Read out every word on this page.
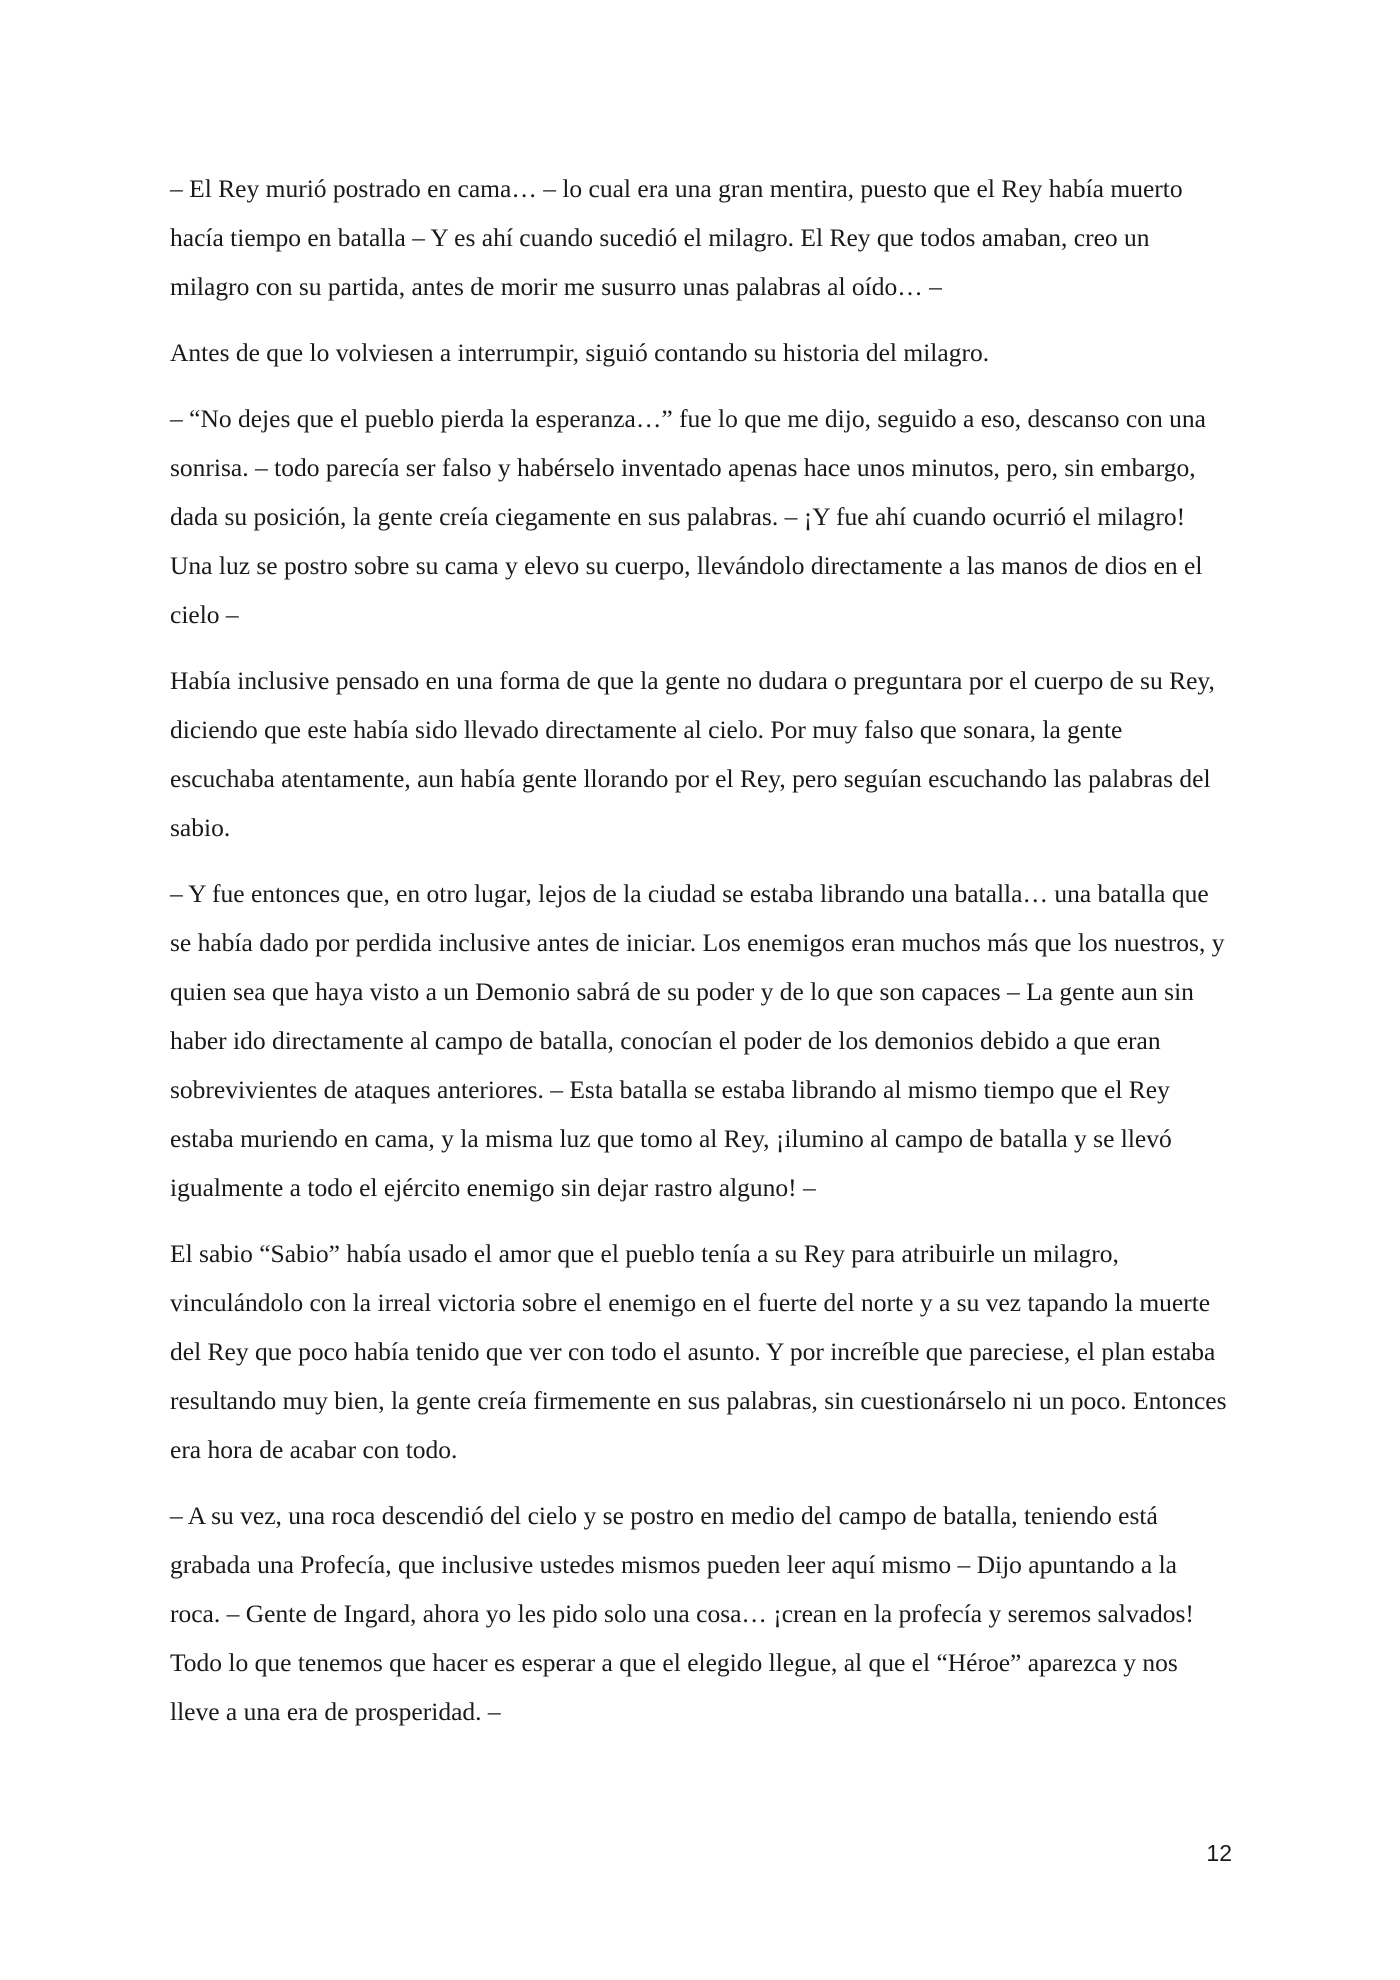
– El Rey murió postrado en cama… – lo cual era una gran mentira, puesto que el Rey había muerto hacía tiempo en batalla – Y es ahí cuando sucedió el milagro. El Rey que todos amaban, creo un milagro con su partida, antes de morir me susurro unas palabras al oído… –

Antes de que lo volviesen a interrumpir, siguió contando su historia del milagro.

– “No dejes que el pueblo pierda la esperanza…” fue lo que me dijo, seguido a eso, descanso con una sonrisa. – todo parecía ser falso y habérselo inventado apenas hace unos minutos, pero, sin embargo, dada su posición, la gente creía ciegamente en sus palabras. – ¡Y fue ahí cuando ocurrió el milagro! Una luz se postro sobre su cama y elevo su cuerpo, llevándolo directamente a las manos de dios en el cielo –

Había inclusive pensado en una forma de que la gente no dudara o preguntara por el cuerpo de su Rey, diciendo que este había sido llevado directamente al cielo. Por muy falso que sonara, la gente escuchaba atentamente, aun había gente llorando por el Rey, pero seguían escuchando las palabras del sabio.

– Y fue entonces que, en otro lugar, lejos de la ciudad se estaba librando una batalla… una batalla que se había dado por perdida inclusive antes de iniciar. Los enemigos eran muchos más que los nuestros, y quien sea que haya visto a un Demonio sabrá de su poder y de lo que son capaces – La gente aun sin haber ido directamente al campo de batalla, conocían el poder de los demonios debido a que eran sobrevivientes de ataques anteriores. – Esta batalla se estaba librando al mismo tiempo que el Rey estaba muriendo en cama, y la misma luz que tomo al Rey, ¡ilumino al campo de batalla y se llevó igualmente a todo el ejército enemigo sin dejar rastro alguno! –

El sabio “Sabio” había usado el amor que el pueblo tenía a su Rey para atribuirle un milagro, vinculándolo con la irreal victoria sobre el enemigo en el fuerte del norte y a su vez tapando la muerte del Rey que poco había tenido que ver con todo el asunto. Y por increíble que pareciese, el plan estaba resultando muy bien, la gente creía firmemente en sus palabras, sin cuestionárselo ni un poco. Entonces era hora de acabar con todo.

– A su vez, una roca descendió del cielo y se postro en medio del campo de batalla, teniendo está grabada una Profecía, que inclusive ustedes mismos pueden leer aquí mismo – Dijo apuntando a la roca. – Gente de Ingard, ahora yo les pido solo una cosa… ¡crean en la profecía y seremos salvados! Todo lo que tenemos que hacer es esperar a que el elegido llegue, al que el “Héroe” aparezca y nos lleve a una era de prosperidad. –

12
